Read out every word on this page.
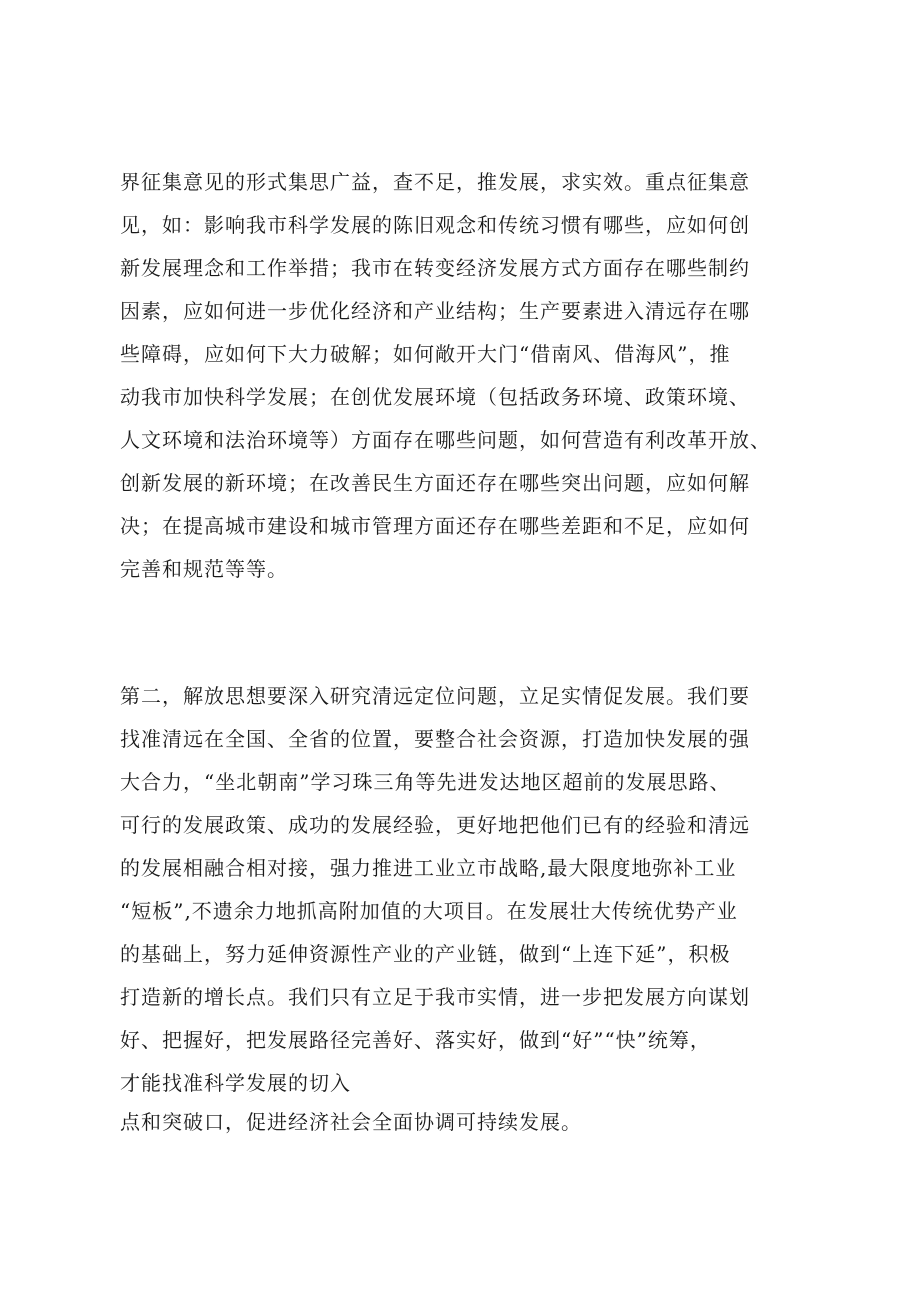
界征集意见的形式集思广益，查不足，推发展，求实效。重点征集意
见，如：影响我市科学发展的陈旧观念和传统习惯有哪些，应如何创
新发展理念和工作举措；我市在转变经济发展方式方面存在哪些制约
因素，应如何进一步优化经济和产业结构；生产要素进入清远存在哪
些障碍，应如何下大力破解；如何敞开大门“借南风、借海风”，推
动我市加快科学发展；在创优发展环境（包括政务环境、政策环境、
人文环境和法治环境等）方面存在哪些问题，如何营造有利改革开放、
创新发展的新环境；在改善民生方面还存在哪些突出问题，应如何解
决；在提高城市建设和城市管理方面还存在哪些差距和不足，应如何
完善和规范等等。
第二，解放思想要深入研究清远定位问题，立足实情促发展。我们要
找准清远在全国、全省的位置，要整合社会资源，打造加快发展的强
大合力，“坐北朝南”学习珠三角等先进发达地区超前的发展思路、
可行的发展政策、成功的发展经验，更好地把他们已有的经验和清远
的发展相融合相对接，强力推进工业立市战略,最大限度地弥补工业
“短板”,不遗余力地抓高附加值的大项目。在发展壮大传统优势产业
的基础上，努力延伸资源性产业的产业链，做到“上连下延”，积极
打造新的增长点。我们只有立足于我市实情，进一步把发展方向谋划
好、把握好，把发展路径完善好、落实好，做到“好”“快”统筹，
才能找准科学发展的切入
点和突破口，促进经济社会全面协调可持续发展。
